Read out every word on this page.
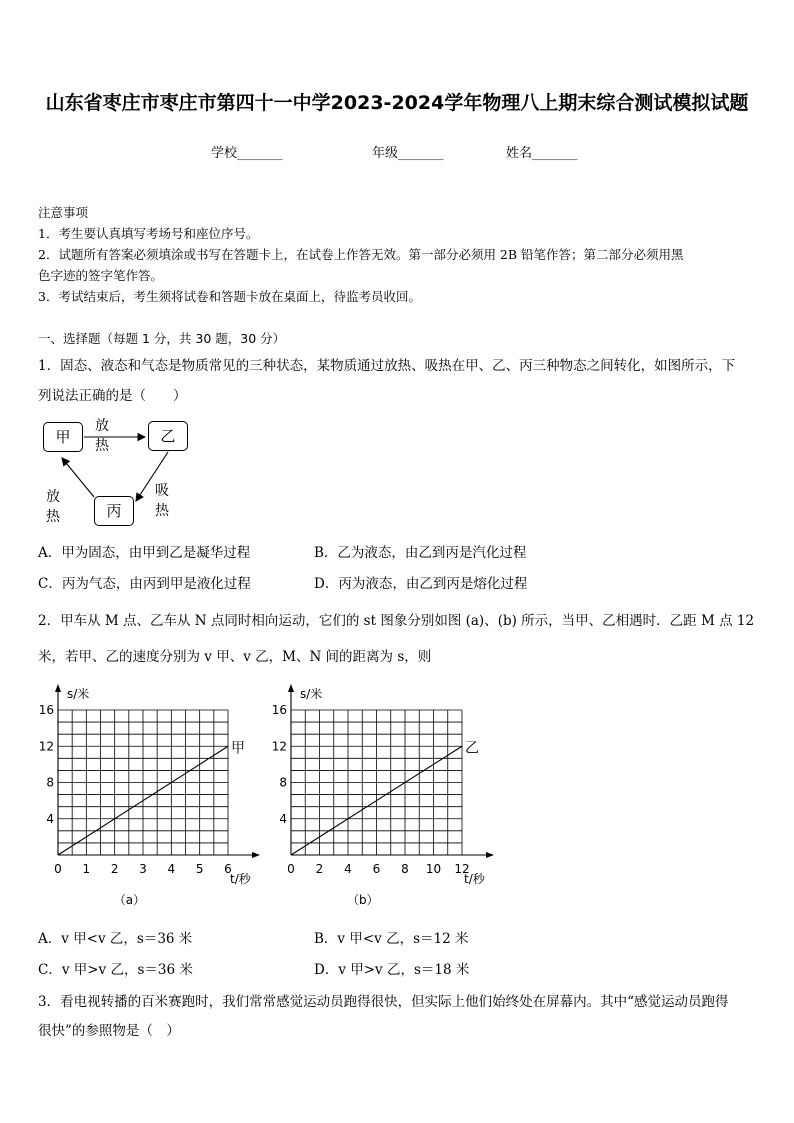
山东省枣庄市枣庄市第四十一中学2023-2024学年物理八上期末综合测试模拟试题
学校_______	年级_______	姓名_______
注意事项
1．考生要认真填写考场号和座位序号。
2．试题所有答案必须填涂或书写在答题卡上，在试卷上作答无效。第一部分必须用 2B 铅笔作答；第二部分必须用黑
色字迹的签字笔作答。
3．考试结束后，考生须将试卷和答题卡放在桌面上，待监考员收回。
一、选择题（每题 1 分，共 30 题，30 分）
1．固态、液态和气态是物质常见的三种状态，某物质通过放热、吸热在甲、乙、丙三种物态之间转化，如图所示，下
列说法正确的是（　　）
甲	乙
丙
放热
吸热
放热
A．甲为固态，由甲到乙是凝华过程	B．乙为液态，由乙到丙是汽化过程
C．丙为气态，由丙到甲是液化过程	D．丙为液态，由乙到丙是熔化过程
2．甲车从 M 点、乙车从 N 点同时相向运动，它们的 st 图象分别如图 (a)、(b) 所示，当甲、乙相遇时．乙距 M 点 12
米，若甲、乙的速度分别为 v 甲、v 乙，M、N 间的距离为 s，则
4
8
12
16
0 1 2 3 4 5 6
s/米
t/秒
甲
（a）
4
8
12
16
0 2 4 6 8 10 12
s/米
t/秒
乙
（b）
A．v 甲<v 乙，s＝36 米	B．v 甲<v 乙，s＝12 米
C．v 甲>v 乙，s＝36 米	D．v 甲>v 乙，s＝18 米
3．看电视转播的百米赛跑时，我们常常感觉运动员跑得很快，但实际上他们始终处在屏幕内。其中“感觉运动员跑得
很快”的参照物是（　）
